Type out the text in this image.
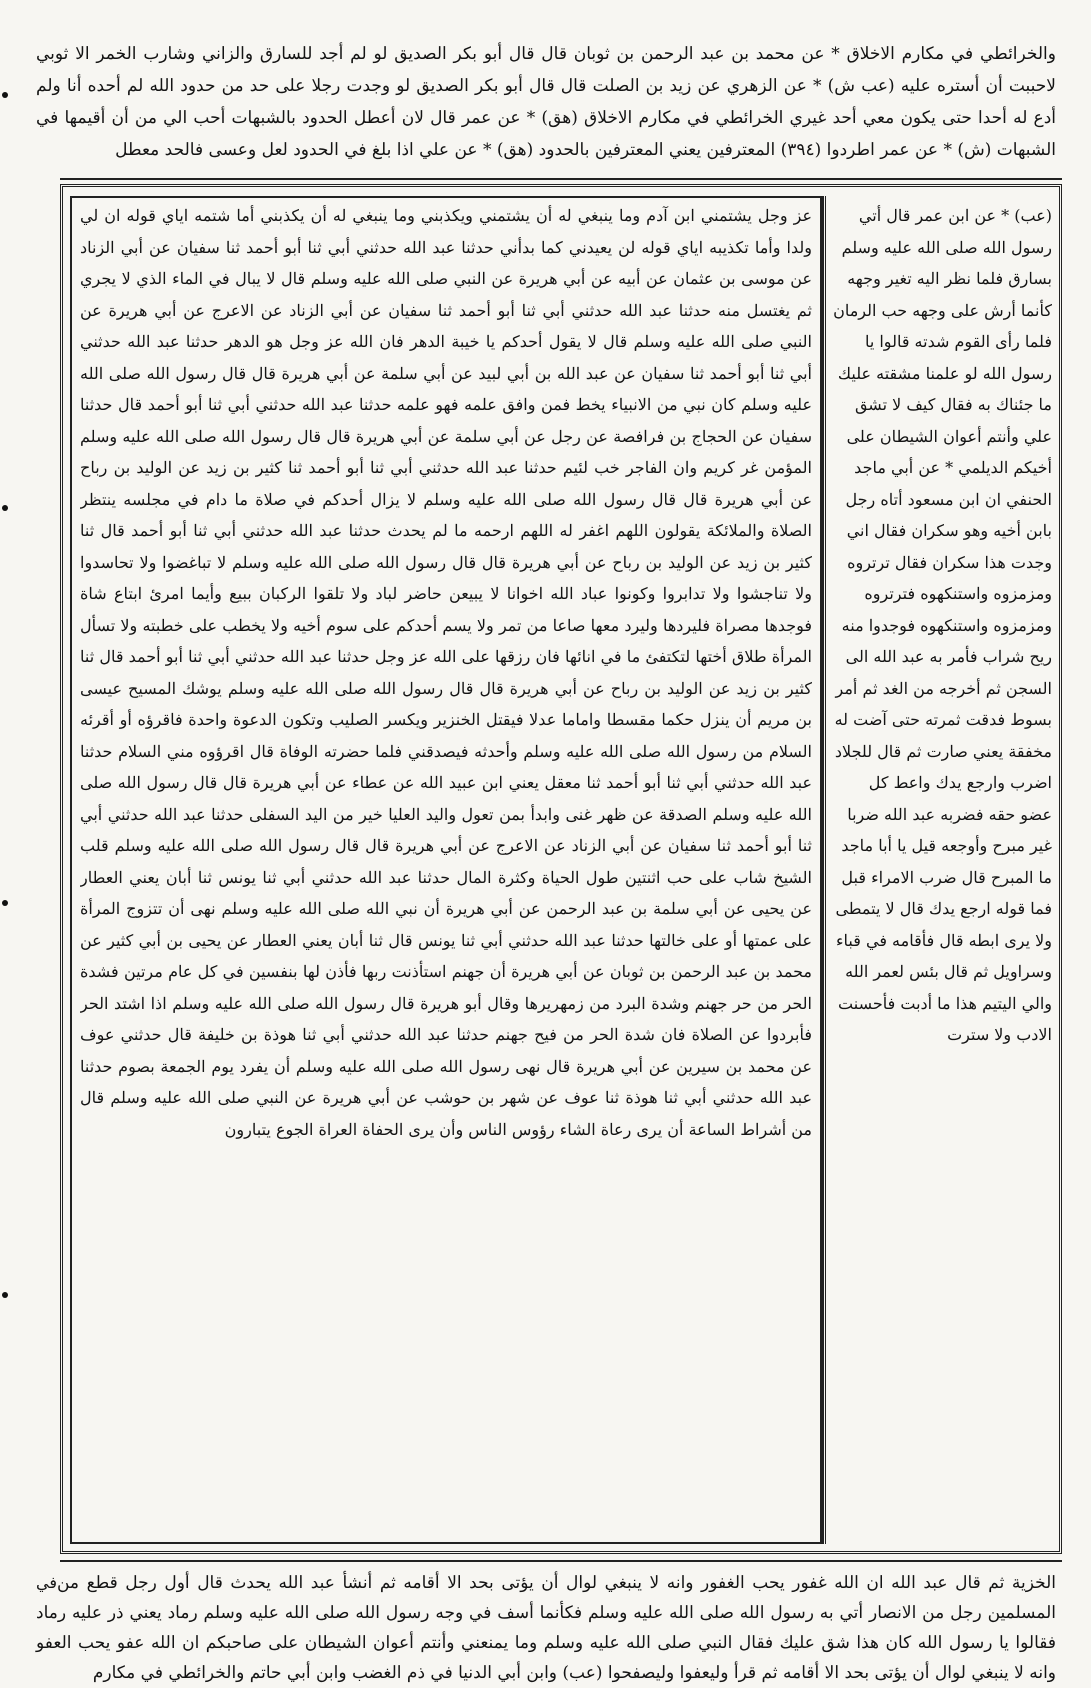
والخرائطي في مكارم الاخلاق * عن محمد بن عبد الرحمن بن ثوبان قال قال أبو بكر الصديق لو لم أجد للسارق والزاني وشارب الخمر الا ثوبي لاحببت أن أستره عليه (عب ش) * عن الزهري عن زيد بن الصلت قال قال أبو بكر الصديق لو وجدت رجلا على حد من حدود الله لم أحده أنا ولم أدع له أحدا حتى يكون معي أحد غيري الخرائطي في مكارم الاخلاق (هق) * عن عمر قال لان أعطل الحدود بالشبهات أحب الي من أن أقيمها في الشبهات (ش) * عن عمر اطردوا (٣٩٤) المعترفين يعني المعترفين بالحدود (هق) * عن علي اذا بلغ في الحدود لعل وعسى فالحد معطل
عز وجل يشتمني ابن آدم وما ينبغي له أن يشتمني ويكذبني وما ينبغي له أن يكذبني أما شتمه اياي قوله ان لي ولدا وأما تكذيبه اياي قوله لن يعيدني كما بدأني حدثنا عبد الله حدثني أبي ثنا أبو أحمد ثنا سفيان عن أبي الزناد عن موسى بن عثمان عن أبيه عن أبي هريرة عن النبي صلى الله عليه وسلم قال لا يبال في الماء الذي لا يجري ثم يغتسل منه حدثنا عبد الله حدثني أبي ثنا أبو أحمد ثنا سفيان عن أبي الزناد عن الاعرج عن أبي هريرة عن النبي صلى الله عليه وسلم قال لا يقول أحدكم يا خيبة الدهر فان الله عز وجل هو الدهر حدثنا عبد الله حدثني أبي ثنا أبو أحمد ثنا سفيان عن عبد الله بن أبي لبيد عن أبي سلمة عن أبي هريرة قال قال رسول الله صلى الله عليه وسلم كان نبي من الانبياء يخط فمن وافق علمه فهو علمه حدثنا عبد الله حدثني أبي ثنا أبو أحمد قال حدثنا سفيان عن الحجاج بن فرافصة عن رجل عن أبي سلمة عن أبي هريرة قال قال رسول الله صلى الله عليه وسلم المؤمن غر كريم وان الفاجر خب لئيم حدثنا عبد الله حدثني أبي ثنا أبو أحمد ثنا كثير بن زيد عن الوليد بن رباح عن أبي هريرة قال قال رسول الله صلى الله عليه وسلم لا يزال أحدكم في صلاة ما دام في مجلسه ينتظر الصلاة والملائكة يقولون اللهم اغفر له اللهم ارحمه ما لم يحدث حدثنا عبد الله حدثني أبي ثنا أبو أحمد قال ثنا كثير بن زيد عن الوليد بن رباح عن أبي هريرة قال قال رسول الله صلى الله عليه وسلم لا تباغضوا ولا تحاسدوا ولا تناجشوا ولا تدابروا وكونوا عباد الله اخوانا لا يبيعن حاضر لباد ولا تلقوا الركبان ببيع وأيما امرئ ابتاع شاة فوجدها مصراة فليردها وليرد معها صاعا من تمر ولا يسم أحدكم على سوم أخيه ولا يخطب على خطبته ولا تسأل المرأة طلاق أختها لتكتفئ ما في انائها فان رزقها على الله عز وجل حدثنا عبد الله حدثني أبي ثنا أبو أحمد قال ثنا كثير بن زيد عن الوليد بن رباح عن أبي هريرة قال قال رسول الله صلى الله عليه وسلم يوشك المسيح عيسى بن مريم أن ينزل حكما مقسطا واماما عدلا فيقتل الخنزير ويكسر الصليب وتكون الدعوة واحدة فاقرؤه أو أقرئه السلام من رسول الله صلى الله عليه وسلم وأحدثه فيصدقني فلما حضرته الوفاة قال اقرؤوه مني السلام حدثنا عبد الله حدثني أبي ثنا أبو أحمد ثنا معقل يعني ابن عبيد الله عن عطاء عن أبي هريرة قال قال رسول الله صلى الله عليه وسلم الصدقة عن ظهر غنى وابدأ بمن تعول واليد العليا خير من اليد السفلى حدثنا عبد الله حدثني أبي ثنا أبو أحمد ثنا سفيان عن أبي الزناد عن الاعرج عن أبي هريرة قال قال رسول الله صلى الله عليه وسلم قلب الشيخ شاب على حب اثنتين طول الحياة وكثرة المال حدثنا عبد الله حدثني أبي ثنا يونس ثنا أبان يعني العطار عن يحيى عن أبي سلمة بن عبد الرحمن عن أبي هريرة أن نبي الله صلى الله عليه وسلم نهى أن تتزوج المرأة على عمتها أو على خالتها حدثنا عبد الله حدثني أبي ثنا يونس قال ثنا أبان يعني العطار عن يحيى بن أبي كثير عن محمد بن عبد الرحمن بن ثوبان عن أبي هريرة أن جهنم استأذنت ربها فأذن لها بنفسين في كل عام مرتين فشدة الحر من حر جهنم وشدة البرد من زمهريرها وقال أبو هريرة قال رسول الله صلى الله عليه وسلم اذا اشتد الحر فأبردوا عن الصلاة فان شدة الحر من فيح جهنم حدثنا عبد الله حدثني أبي ثنا هوذة بن خليفة قال حدثني عوف عن محمد بن سيرين عن أبي هريرة قال نهى رسول الله صلى الله عليه وسلم أن يفرد يوم الجمعة بصوم حدثنا عبد الله حدثني أبي ثنا هوذة ثنا عوف عن شهر بن حوشب عن أبي هريرة عن النبي صلى الله عليه وسلم قال من أشراط الساعة أن يرى رعاة الشاء رؤوس الناس وأن يرى الحفاة العراة الجوع يتبارون
(عب) * عن ابن عمر قال أتي رسول الله صلى الله عليه وسلم بسارق فلما نظر اليه تغير وجهه كأنما أرش على وجهه حب الرمان فلما رأى القوم شدته قالوا يا رسول الله لو علمنا مشقته عليك ما جئناك به فقال كيف لا تشق علي وأنتم أعوان الشيطان على أخيكم الديلمي * عن أبي ماجد الحنفي ان ابن مسعود أتاه رجل بابن أخيه وهو سكران فقال اني وجدت هذا سكران فقال ترتروه ومزمزوه واستنكهوه فترتروه ومزمزوه واستنكهوه فوجدوا منه ريح شراب فأمر به عبد الله الى السجن ثم أخرجه من الغد ثم أمر بسوط فدقت ثمرته حتى آضت له مخفقة يعني صارت ثم قال للجلاد اضرب وارجع يدك واعط كل عضو حقه فضربه عبد الله ضربا غير مبرح وأوجعه قيل يا أبا ماجد ما المبرح قال ضرب الامراء قبل فما قوله ارجع يدك قال لا يتمطى ولا يرى ابطه قال فأقامه في قباء وسراويل ثم قال بئس لعمر الله والي اليتيم هذا ما أدبت فأحسنت الادب ولا سترت
في الخزية ثم قال عبد الله ان الله غفور يحب الغفور وانه لا ينبغي لوال أن يؤتى بحد الا أقامه ثم أنشأ عبد الله يحدث قال أول رجل قطع من المسلمين رجل من الانصار أتي به رسول الله صلى الله عليه وسلم فكأنما أسف في وجه رسول الله صلى الله عليه وسلم رماد يعني ذر عليه رماد فقالوا يا رسول الله كان هذا شق عليك فقال النبي صلى الله عليه وسلم وما يمنعني وأنتم أعوان الشيطان على صاحبكم ان الله عفو يحب العفو وانه لا ينبغي لوال أن يؤتى بحد الا أقامه ثم قرأ وليعفوا وليصفحوا (عب) وابن أبي الدنيا في ذم الغضب وابن أبي حاتم والخرائطي في مكارم
